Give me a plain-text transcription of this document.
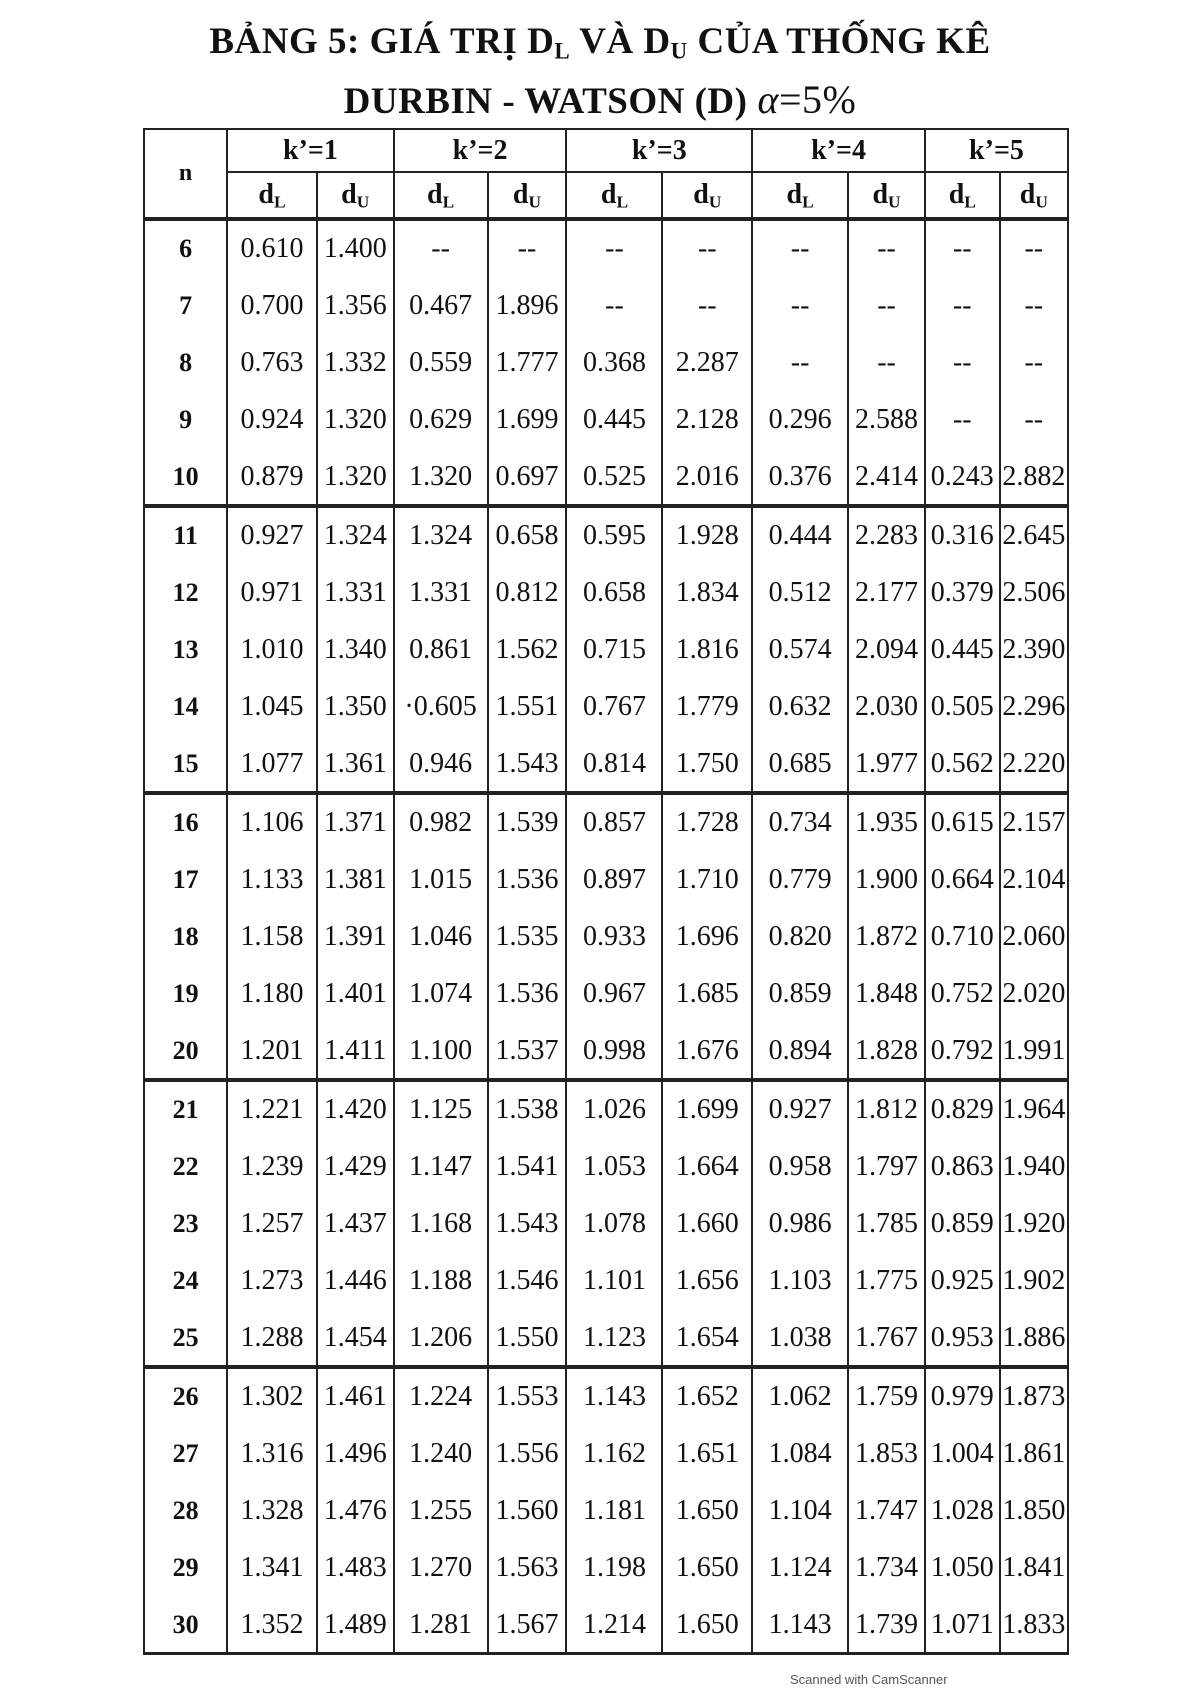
BẢNG 5: GIÁ TRỊ $D_L$ VÀ $D_U$ CỦA THỐNG KÊ
DURBIN - WATSON (D) α=5%
n	k’=1		k’=2		k’=3		k’=4		k’=5	
	$d_L$	$d_U$	$d_L$	$d_U$	$d_L$	$d_U$	$d_L$	$d_U$	$d_L$	$d_U$
6	0.610	1.400	--	--	--	--	--	--	--	--
7	0.700	1.356	0.467	1.896	--	--	--	--	--	--
8	0.763	1.332	0.559	1.777	0.368	2.287	--	--	--	--
9	0.924	1.320	0.629	1.699	0.445	2.128	0.296	2.588	--	--
10	0.879	1.320	1.320	0.697	0.525	2.016	0.376	2.414	0.243	2.882
11	0.927	1.324	1.324	0.658	0.595	1.928	0.444	2.283	0.316	2.645
12	0.971	1.331	1.331	0.812	0.658	1.834	0.512	2.177	0.379	2.506
13	1.010	1.340	0.861	1.562	0.715	1.816	0.574	2.094	0.445	2.390
14	1.045	1.350	·0.605	1.551	0.767	1.779	0.632	2.030	0.505	2.296
15	1.077	1.361	0.946	1.543	0.814	1.750	0.685	1.977	0.562	2.220
16	1.106	1.371	0.982	1.539	0.857	1.728	0.734	1.935	0.615	2.157
17	1.133	1.381	1.015	1.536	0.897	1.710	0.779	1.900	0.664	2.104
18	1.158	1.391	1.046	1.535	0.933	1.696	0.820	1.872	0.710	2.060
19	1.180	1.401	1.074	1.536	0.967	1.685	0.859	1.848	0.752	2.020
20	1.201	1.411	1.100	1.537	0.998	1.676	0.894	1.828	0.792	1.991
21	1.221	1.420	1.125	1.538	1.026	1.699	0.927	1.812	0.829	1.964
22	1.239	1.429	1.147	1.541	1.053	1.664	0.958	1.797	0.863	1.940
23	1.257	1.437	1.168	1.543	1.078	1.660	0.986	1.785	0.859	1.920
24	1.273	1.446	1.188	1.546	1.101	1.656	1.103	1.775	0.925	1.902
25	1.288	1.454	1.206	1.550	1.123	1.654	1.038	1.767	0.953	1.886
26	1.302	1.461	1.224	1.553	1.143	1.652	1.062	1.759	0.979	1.873
27	1.316	1.496	1.240	1.556	1.162	1.651	1.084	1.853	1.004	1.861
28	1.328	1.476	1.255	1.560	1.181	1.650	1.104	1.747	1.028	1.850
29	1.341	1.483	1.270	1.563	1.198	1.650	1.124	1.734	1.050	1.841
30	1.352	1.489	1.281	1.567	1.214	1.650	1.143	1.739	1.071	1.833
Scanned with CamScanner
